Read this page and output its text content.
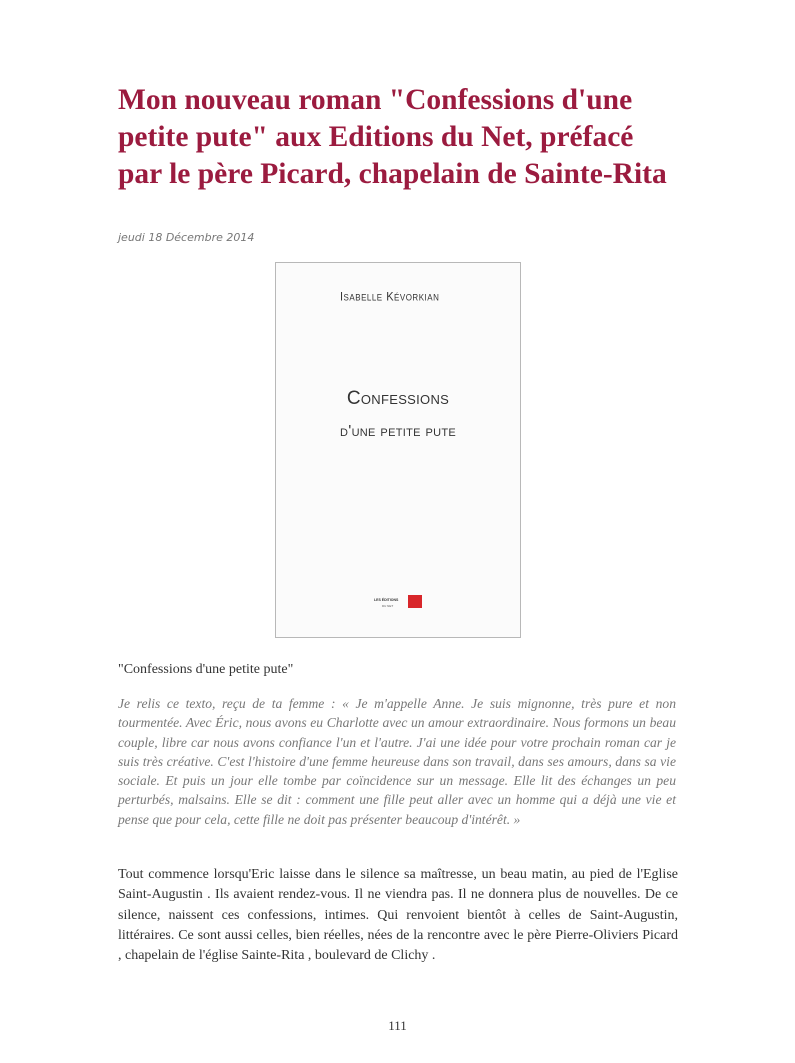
Mon nouveau roman "Confessions d'une petite pute" aux Editions du Net, préfacé par le père Picard, chapelain de Sainte-Rita
jeudi 18 Décembre 2014
Isabelle Kévorkian
Confessions
d'une petite pute
LES ÉDITIONS
DU NET
"Confessions d'une petite pute"

Je relis ce texto, reçu de ta femme : « Je m'appelle Anne. Je suis mignonne, très pure et non tourmentée. Avec Éric, nous avons eu Charlotte avec un amour extraordinaire. Nous formons un beau couple, libre car nous avons confiance l'un et l'autre. J'ai une idée pour votre prochain roman car je suis très créative. C'est l'histoire d'une femme heureuse dans son travail, dans ses amours, dans sa vie sociale. Et puis un jour elle tombe par coïncidence sur un message. Elle lit des échanges un peu perturbés, malsains. Elle se dit : comment une fille peut aller avec un homme qui a déjà une vie et pense que pour cela, cette fille ne doit pas présenter beaucoup d'intérêt. »

Tout commence lorsqu'Eric laisse dans le silence sa maîtresse, un beau matin, au pied de l'Eglise Saint-Augustin . Ils avaient rendez-vous. Il ne viendra pas. Il ne donnera plus de nouvelles. De ce silence, naissent ces confessions, intimes. Qui renvoient bientôt à celles de Saint-Augustin, littéraires. Ce sont aussi celles, bien réelles, nées de la rencontre avec le père Pierre-Oliviers Picard , chapelain de l'église Sainte-Rita , boulevard de Clichy .

111
